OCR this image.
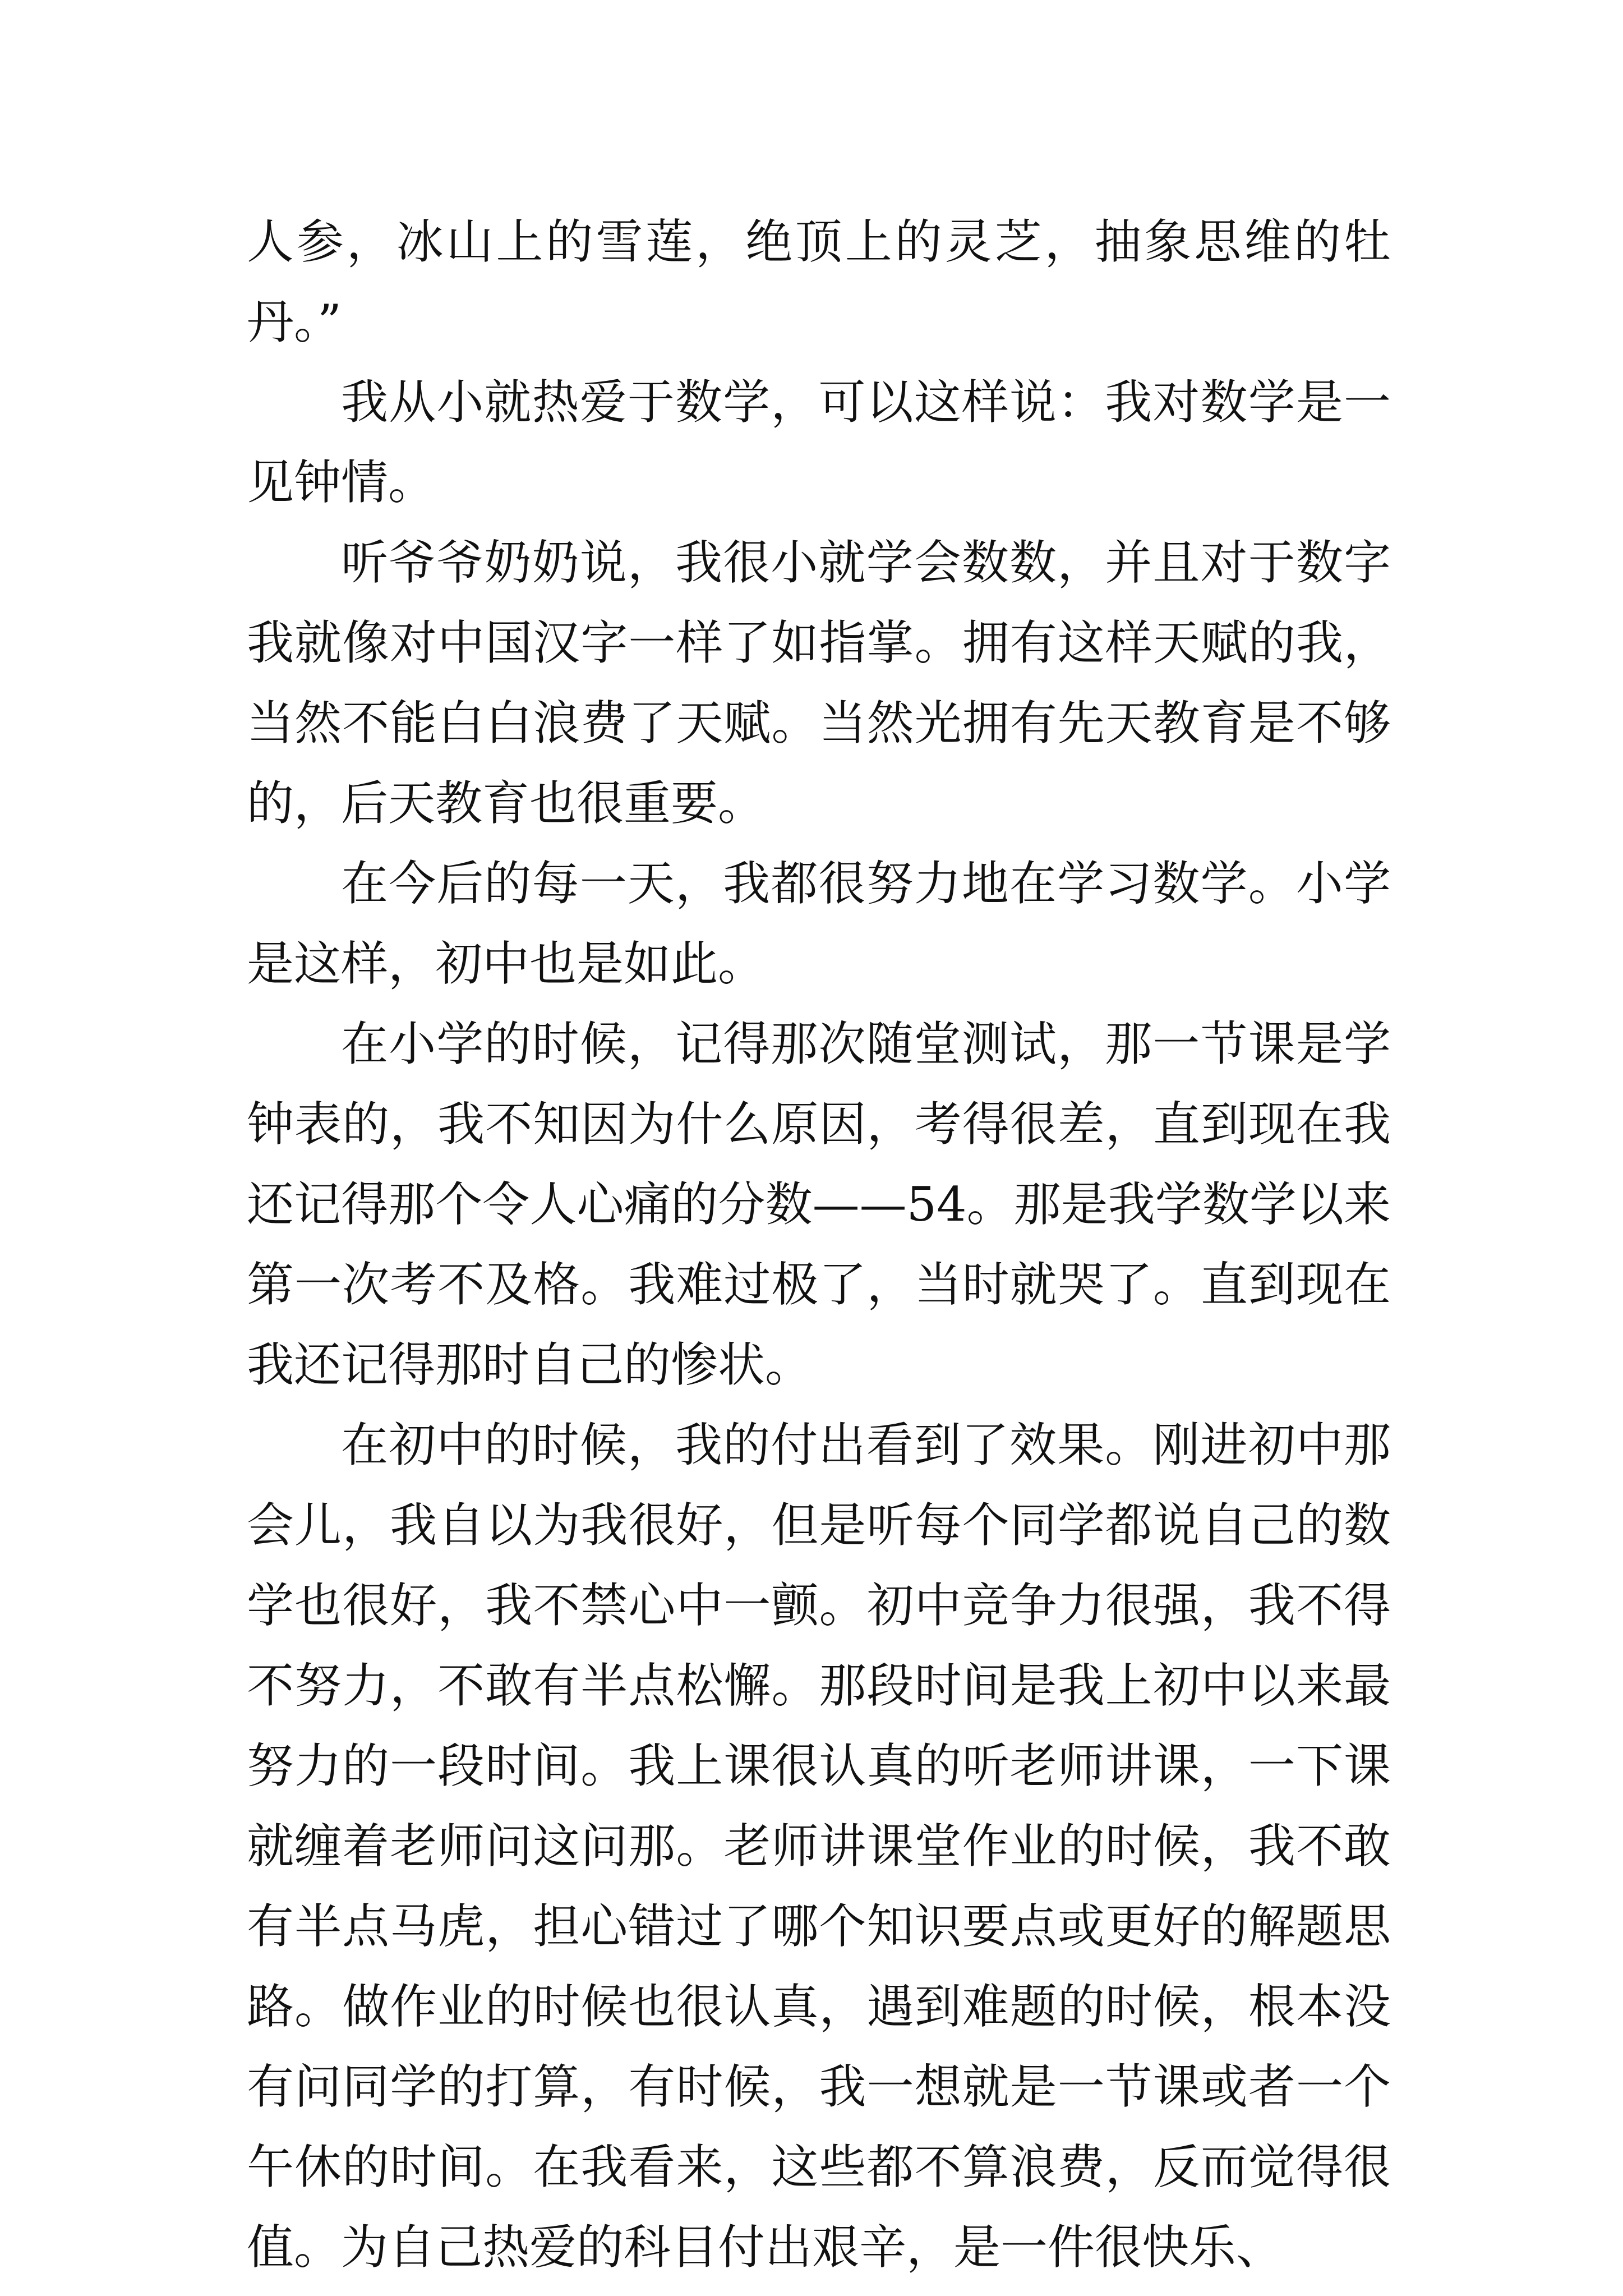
人参，冰山上的雪莲，绝顶上的灵芝，抽象思维的牡丹。”

我从小就热爱于数学，可以这样说：我对数学是一见钟情。

听爷爷奶奶说，我很小就学会数数，并且对于数字我就像对中国汉字一样了如指掌。拥有这样天赋的我，当然不能白白浪费了天赋。当然光拥有先天教育是不够的，后天教育也很重要。

在今后的每一天，我都很努力地在学习数学。小学是这样，初中也是如此。

在小学的时候，记得那次随堂测试，那一节课是学钟表的，我不知因为什么原因，考得很差，直到现在我还记得那个令人心痛的分数——54。那是我学数学以来第一次考不及格。我难过极了，当时就哭了。直到现在我还记得那时自己的惨状。

在初中的时候，我的付出看到了效果。刚进初中那会儿，我自以为我很好，但是听每个同学都说自己的数学也很好，我不禁心中一颤。初中竞争力很强，我不得不努力，不敢有半点松懈。那段时间是我上初中以来最努力的一段时间。我上课很认真的听老师讲课，一下课就缠着老师问这问那。老师讲课堂作业的时候，我不敢有半点马虎，担心错过了哪个知识要点或更好的解题思路。做作业的时候也很认真，遇到难题的时候，根本没有问同学的打算，有时候，我一想就是一节课或者一个午休的时间。在我看来，这些都不算浪费，反而觉得很值。为自己热爱的科目付出艰辛，是一件很快乐、
